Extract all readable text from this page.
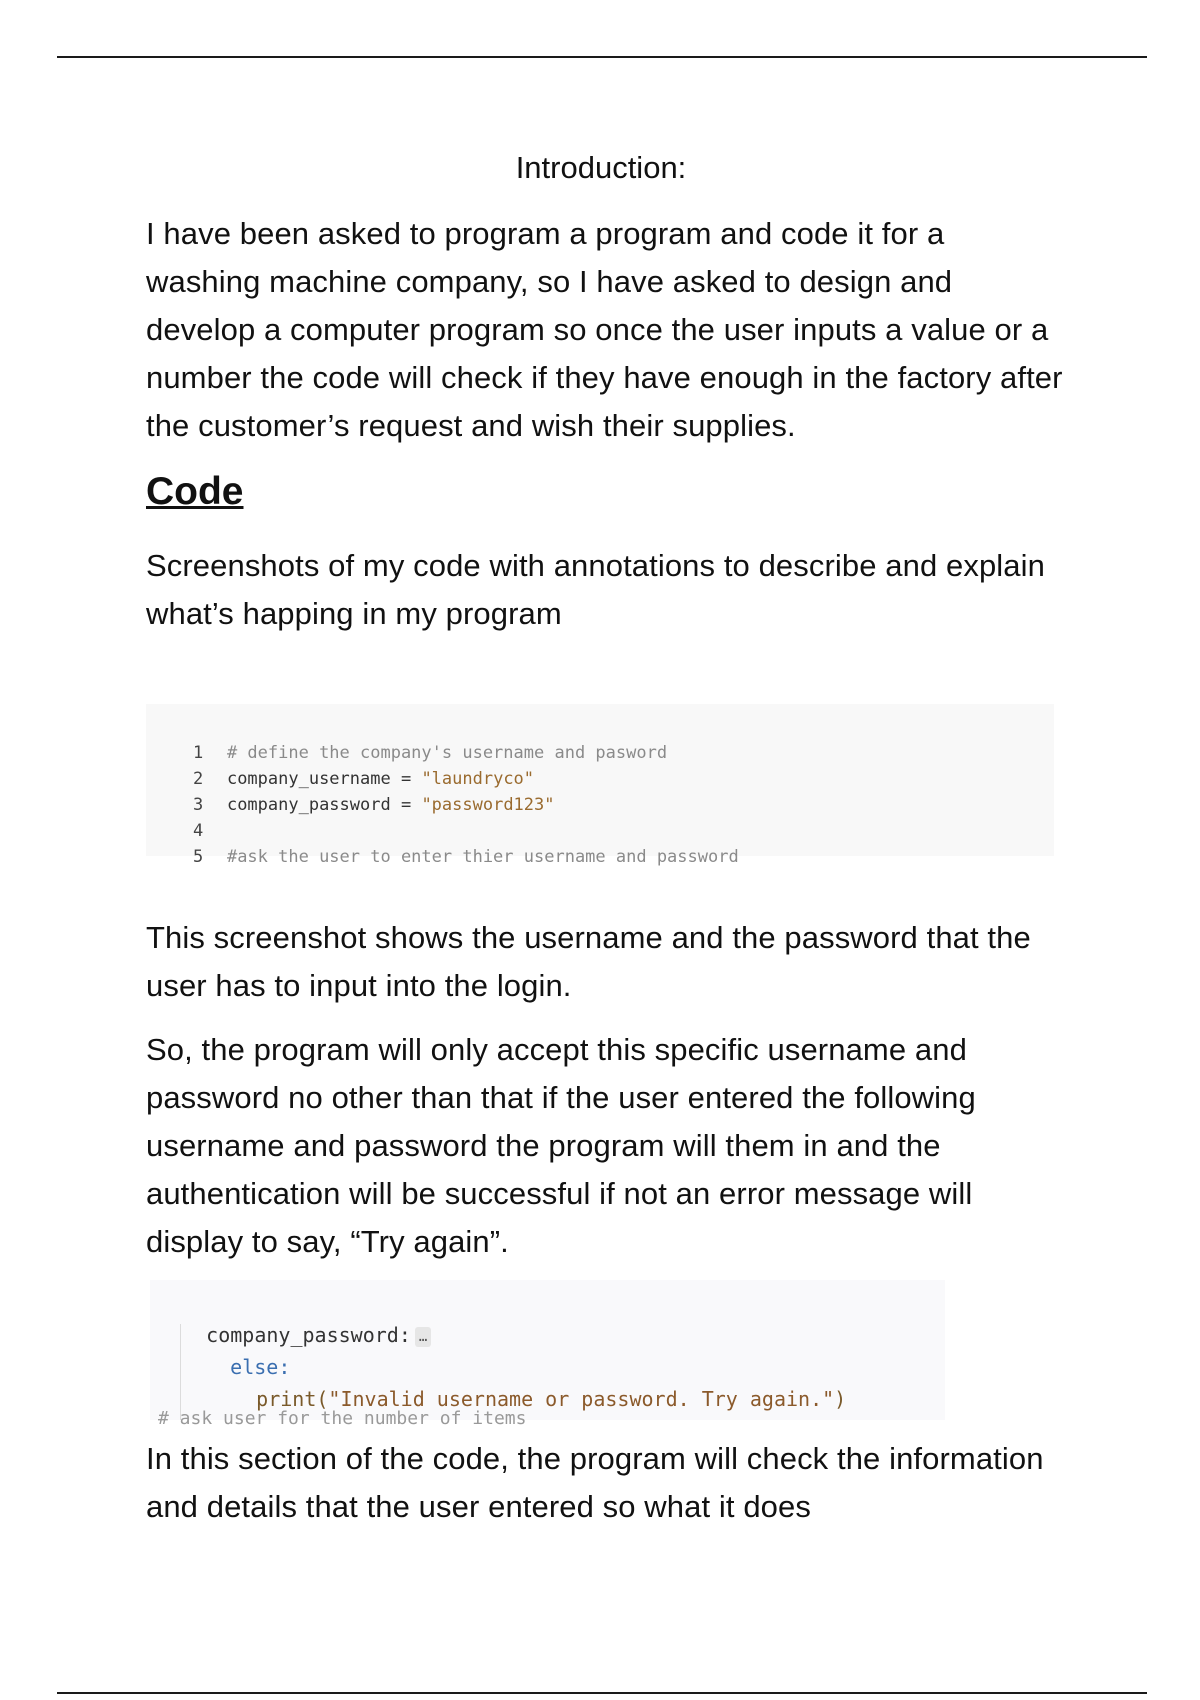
Introduction:

I have been asked to program a program and code it for a washing machine company, so I have asked to design and develop a computer program so once the user inputs a value or a number the code will check if they have enough in the factory after the customer’s request and wish their supplies.

Code

Screenshots of my code with annotations to describe and explain what’s happing in my program

This screenshot shows the username and the password that the user has to input into the login.

So, the program will only accept this specific username and password no other than that if the user entered the following username and password the program will them in and the authentication will be successful if not an error message will display to say, “Try again”.

In this section of the code, the program will check the information and details that the user entered so what it does

1 # define the company's username and pasword

2 company_username = "laundryco"

3 company_password = "password123"

4

5 #ask the user to enter thier username and password

company_password: …

else:

print("Invalid username or password. Try again.")

# ask user for the number of items
